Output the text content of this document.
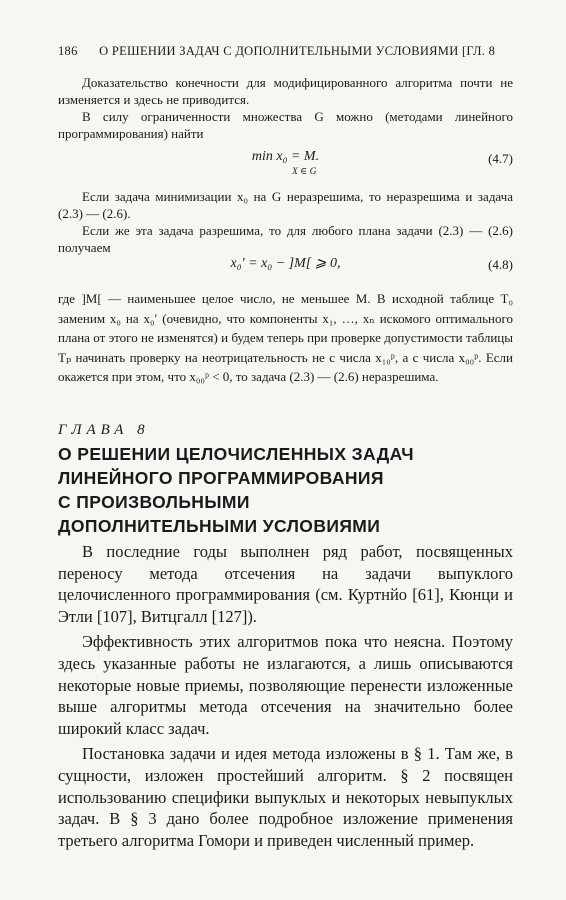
186 О РЕШЕНИИ ЗАДАЧ С ДОПОЛНИТЕЛЬНЫМИ УСЛОВИЯМИ [ГЛ. 8

Доказательство конечности для модифицированного алгоритма почти не изменяется и здесь не приводится.

В силу ограниченности множества G можно (методами линейного программирования) найти

min x₀ = M.
X ∈ G
(4.7)

Если задача минимизации x₀ на G неразрешима, то неразрешима и задача (2.3) — (2.6).

Если же эта задача разрешима, то для любого плана задачи (2.3) — (2.6) получаем

x₀′ = x₀ − ]M[ ⩾ 0,	(4.8)

где ]M[ — наименьшее целое число, не меньшее M. В исходной таблице T₀ заменим x₀ на x₀′ (очевидно, что компоненты x₁, …, xₙ искомого оптимального плана от этого не изменятся) и будем теперь при проверке допустимости таблицы Tₚ начинать проверку на неотрицательность не с числа x₁₀ᵖ, а с числа x₀₀ᵖ. Если окажется при этом, что x₀₀ᵖ < 0, то задача (2.3) — (2.6) неразрешима.

ГЛАВА 8
О РЕШЕНИИ ЦЕЛОЧИСЛЕННЫХ ЗАДАЧ
ЛИНЕЙНОГО ПРОГРАММИРОВАНИЯ
С ПРОИЗВОЛЬНЫМИ
ДОПОЛНИТЕЛЬНЫМИ УСЛОВИЯМИ

В последние годы выполнен ряд работ, посвященных переносу метода отсечения на задачи выпуклого целочисленного программирования (см. Куртнйо [61], Кюнци и Этли [107], Витцгалл [127]).

Эффективность этих алгоритмов пока что неясна. Поэтому здесь указанные работы не излагаются, а лишь описываются некоторые новые приемы, позволяющие перенести изложенные выше алгоритмы метода отсечения на значительно более широкий класс задач.

Постановка задачи и идея метода изложены в § 1. Там же, в сущности, изложен простейший алгоритм. § 2 посвящен использованию специфики выпуклых и некоторых невыпуклых задач. В § 3 дано более подробное изложение применения третьего алгоритма Гомори и приведен численный пример.
